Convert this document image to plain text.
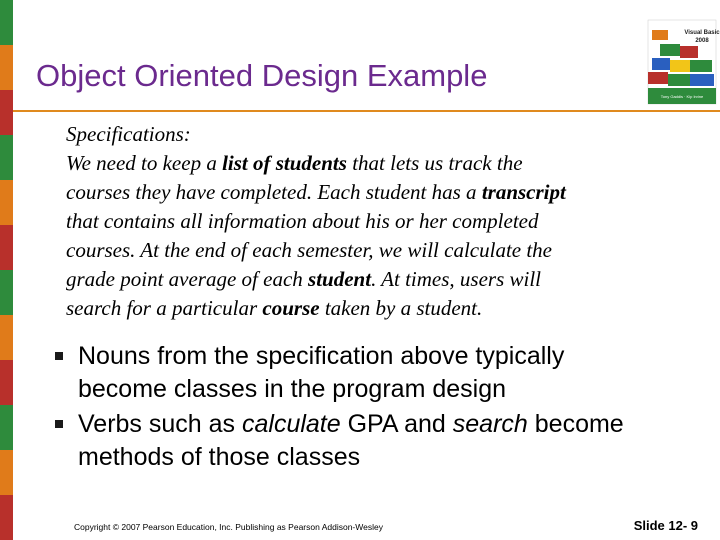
Object Oriented Design Example
Visual Basic
2008
Tony Gaddis · Kip Irvine
Specifications:
We need to keep a list of students that lets us track the
courses they have completed. Each student has a transcript
that contains all information about his or her completed
courses. At the end of each semester, we will calculate the
grade point average of each student. At times, users will
search for a particular course taken by a student.
Nouns from the specification above typically
become classes in the program design
Verbs such as calculate GPA and search become
methods of those classes
Copyright © 2007 Pearson Education, Inc. Publishing as Pearson Addison-Wesley	Slide 12- 9
